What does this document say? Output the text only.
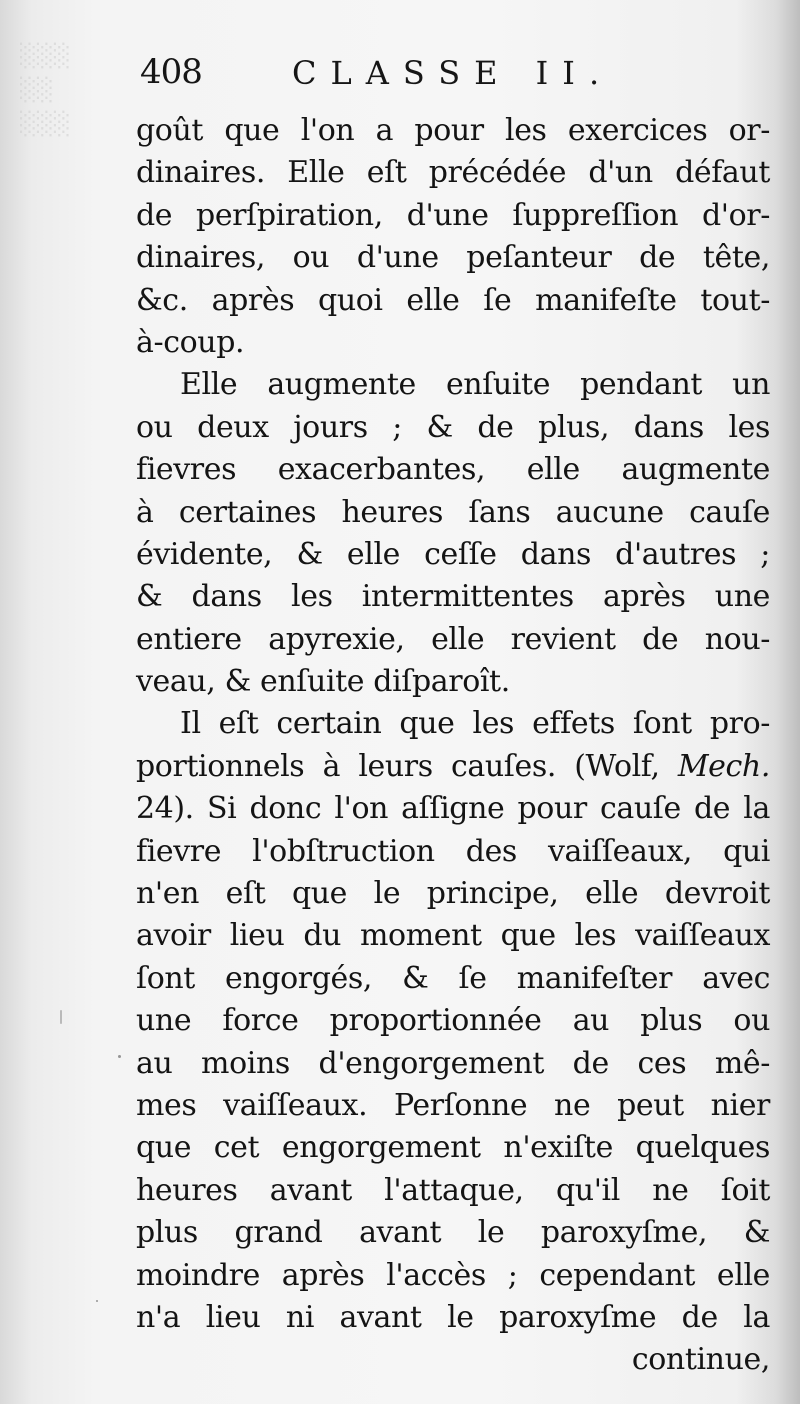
░░░
░░
░░░
408	CLASSE II.
goût que l'on a pour les exercices or-
dinaires. Elle eſt précédée d'un défaut
de perſpiration, d'une ſuppreſſion d'or-
dinaires, ou d'une peſanteur de tête,
&c. après quoi elle ſe manifeſte tout-
à-coup.
Elle augmente enſuite pendant un
ou deux jours ; & de plus, dans les
fievres exacerbantes, elle augmente
à certaines heures ſans aucune cauſe
évidente, & elle ceſſe dans d'autres ;
& dans les intermittentes après une
entiere apyrexie, elle revient de nou-
veau, & enſuite diſparoît.
Il eſt certain que les effets ſont pro-
portionnels à leurs cauſes. (Wolf, Mech.
24). Si donc l'on aſſigne pour cauſe de la
fievre l'obſtruction des vaiſſeaux, qui
n'en eſt que le principe, elle devroit
avoir lieu du moment que les vaiſſeaux
ſont engorgés, & ſe manifeſter avec
une force proportionnée au plus ou
au moins d'engorgement de ces mê-
mes vaiſſeaux. Perſonne ne peut nier
que cet engorgement n'exiſte quelques
heures avant l'attaque, qu'il ne ſoit
plus grand avant le paroxyſme, &
moindre après l'accès ; cependant elle
n'a lieu ni avant le paroxyſme de la
continue,
